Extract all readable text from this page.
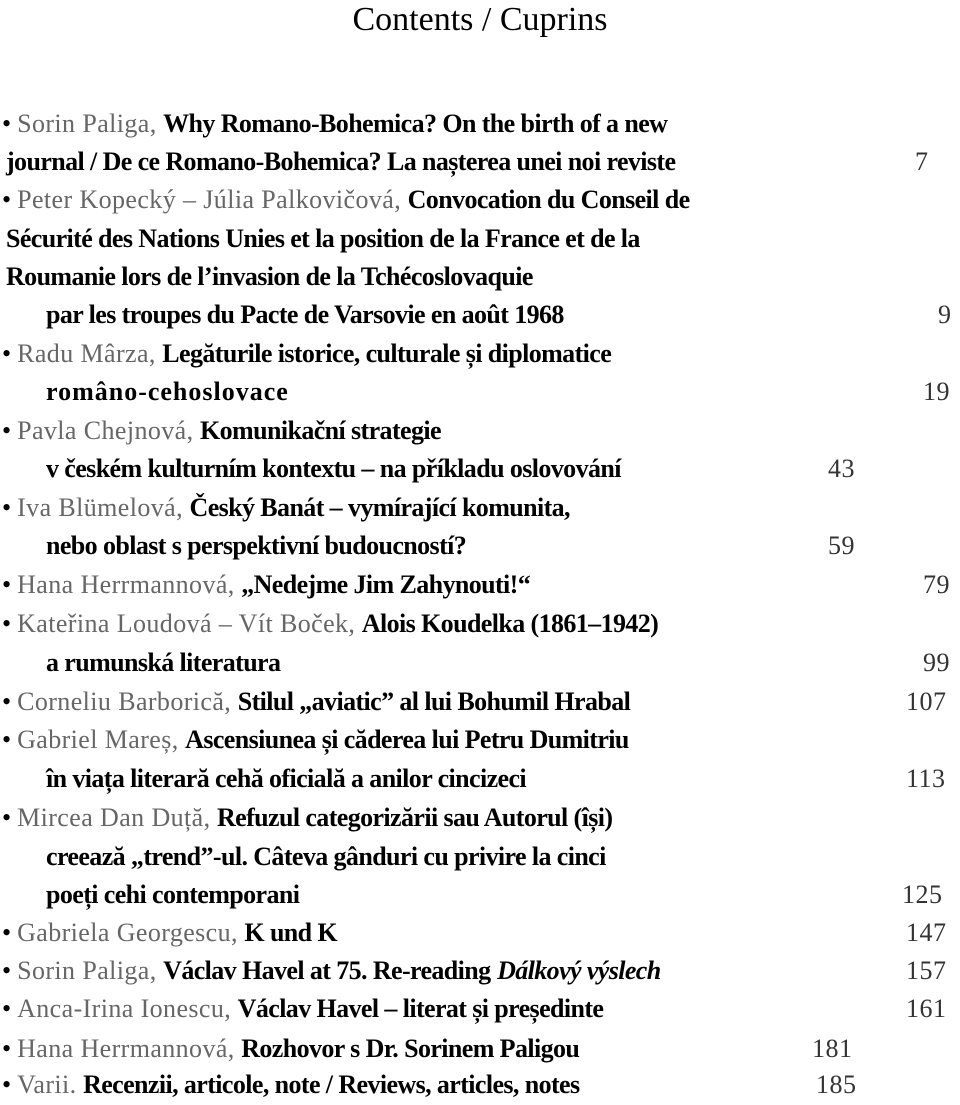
Contents / Cuprins
• Sorin Paliga, Why Romano-Bohemica? On the birth of a new
journal / De ce Romano-Bohemica? La nașterea unei noi reviste	7
• Peter Kopecký – Júlia Palkovičová, Convocation du Conseil de
Sécurité des Nations Unies et la position de la France et de la
Roumanie lors de l’invasion de la Tchécoslovaquie
par les troupes du Pacte de Varsovie en août 1968	9
• Radu Mârza, Legăturile istorice, culturale și diplomatice
româno-cehoslovace	19
• Pavla Chejnová, Komunikační strategie
v českém kulturním kontextu – na příkladu oslovování	43
• Iva Blümelová, Český Banát – vymírající komunita,
nebo oblast s perspektivní budoucností?	59
• Hana Herrmannová, „Nedejme Jim Zahynouti!“	79
• Kateřina Loudová – Vít Boček, Alois Koudelka (1861–1942)
a rumunská literatura	99
• Corneliu Barborică, Stilul „aviatic” al lui Bohumil Hrabal	107
• Gabriel Mareș, Ascensiunea și căderea lui Petru Dumitriu
în viața literară cehă oficială a anilor cincizeci	113
• Mircea Dan Duță, Refuzul categorizării sau Autorul (își)
creează „trend”-ul. Câteva gânduri cu privire la cinci
poeți cehi contemporani	125
• Gabriela Georgescu, K und K	147
• Sorin Paliga, Václav Havel at 75. Re-reading Dálkový výslech	157
• Anca-Irina Ionescu, Václav Havel – literat și președinte	161
• Hana Herrmannová, Rozhovor s Dr. Sorinem Paligou	181
• Varii. Recenzii, articole, note / Reviews, articles, notes	185
